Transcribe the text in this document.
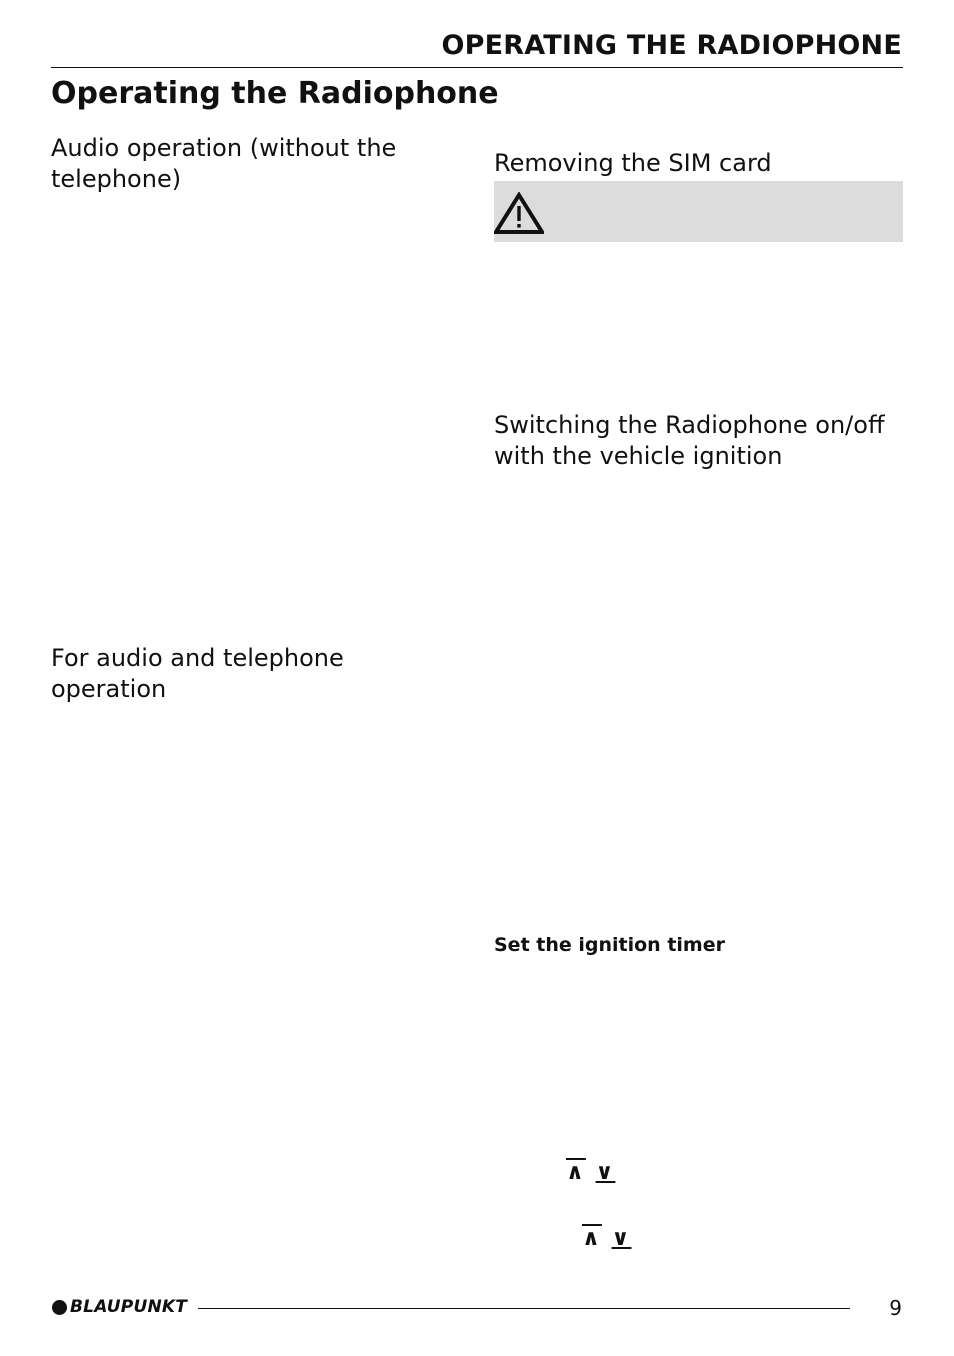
OPERATING THE RADIOPHONE
Operating the Radiophone
Audio operation (without the telephone)
For audio and telephone operation
Removing the SIM card
Switching the Radiophone on/off with the vehicle ignition
Set the ignition timer
∧ ∨
∧ ∨
BLAUPUNKT	9
